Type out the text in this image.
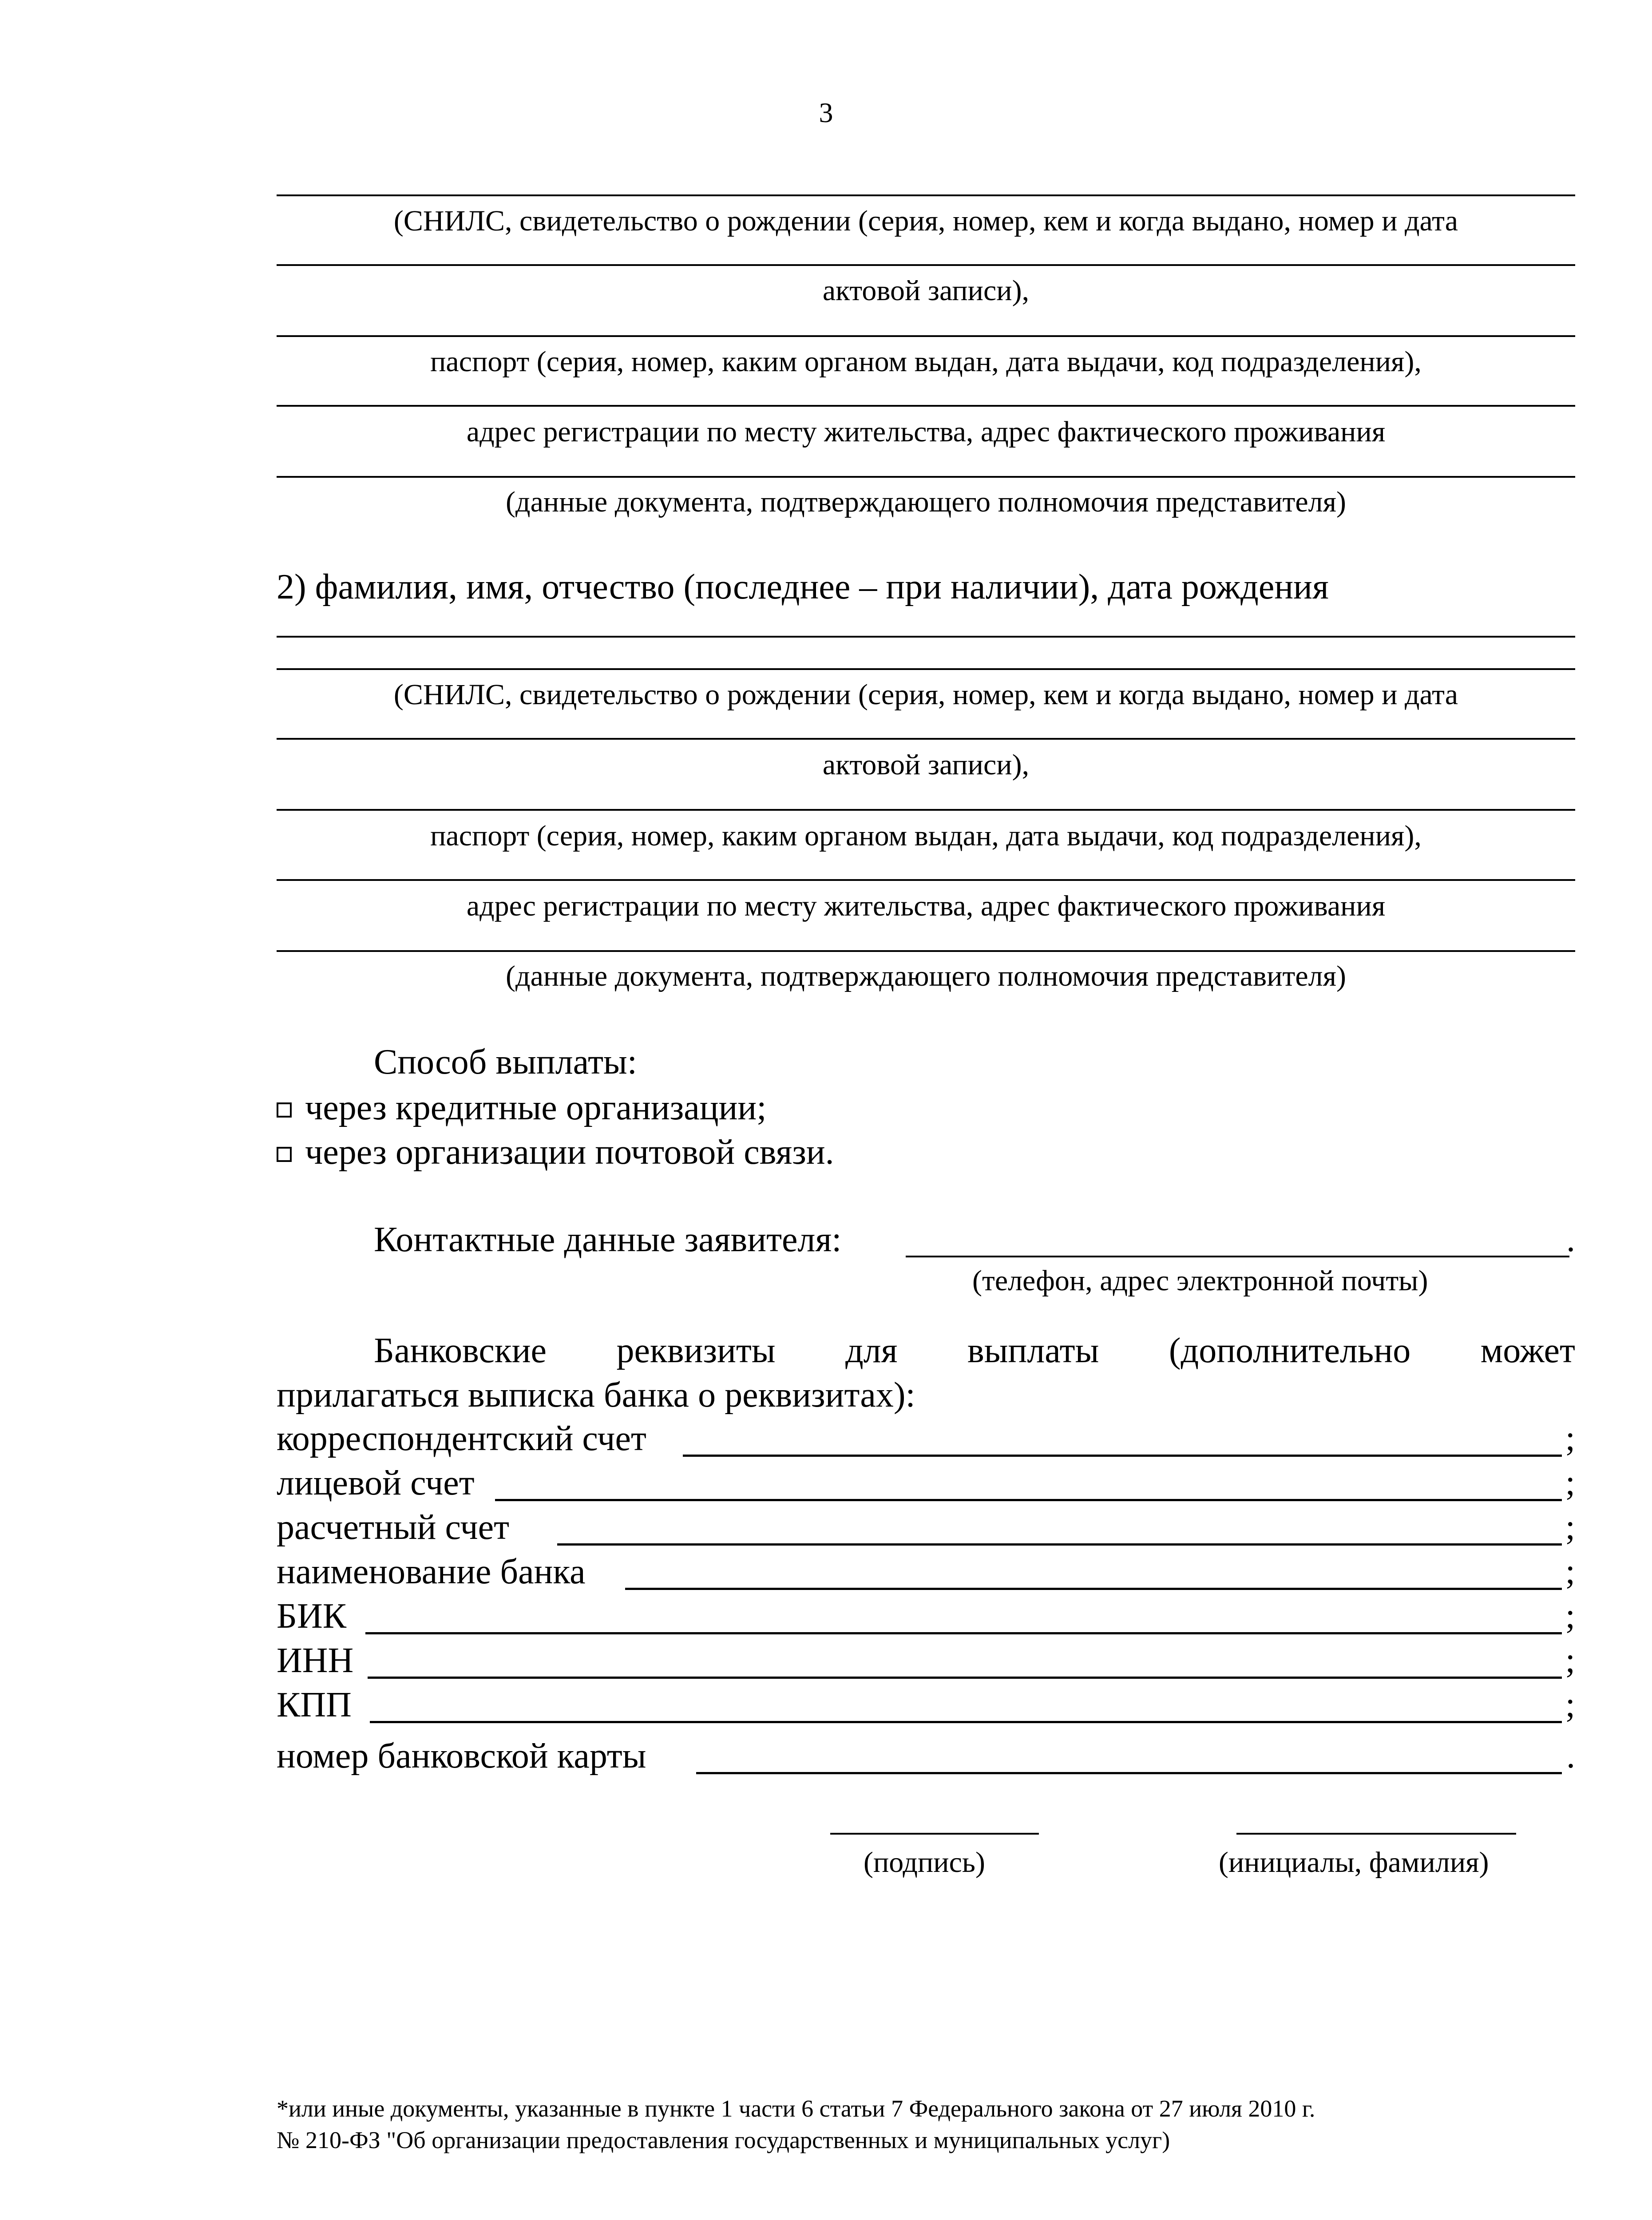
3
(СНИЛС, свидетельство о рождении (серия, номер, кем и когда выдано, номер и дата
актовой записи),
паспорт (серия, номер, каким органом выдан, дата выдачи, код подразделения),
адрес регистрации по месту жительства, адрес фактического проживания
(данные документа, подтверждающего полномочия представителя)
2) фамилия, имя, отчество (последнее – при наличии), дата рождения
(СНИЛС, свидетельство о рождении (серия, номер, кем и когда выдано, номер и дата
актовой записи),
паспорт (серия, номер, каким органом выдан, дата выдачи, код подразделения),
адрес регистрации по месту жительства, адрес фактического проживания
(данные документа, подтверждающего полномочия представителя)
Способ выплаты:
через кредитные организации;
через организации почтовой связи.
Контактные данные заявителя:	.
(телефон, адрес электронной почты)
Банковские реквизиты для выплаты (дополнительно может
прилагаться выписка банка о реквизитах):
корреспондентский счет	;
лицевой счет	;
расчетный счет	;
наименование банка	;
БИК	;
ИНН	;
КПП	;
номер банковской карты	.
(подпись)	(инициалы, фамилия)
*или иные документы, указанные в пункте 1 части 6 статьи 7 Федерального закона от 27 июля 2010 г.
№ 210-ФЗ "Об организации предоставления государственных и муниципальных услуг)
